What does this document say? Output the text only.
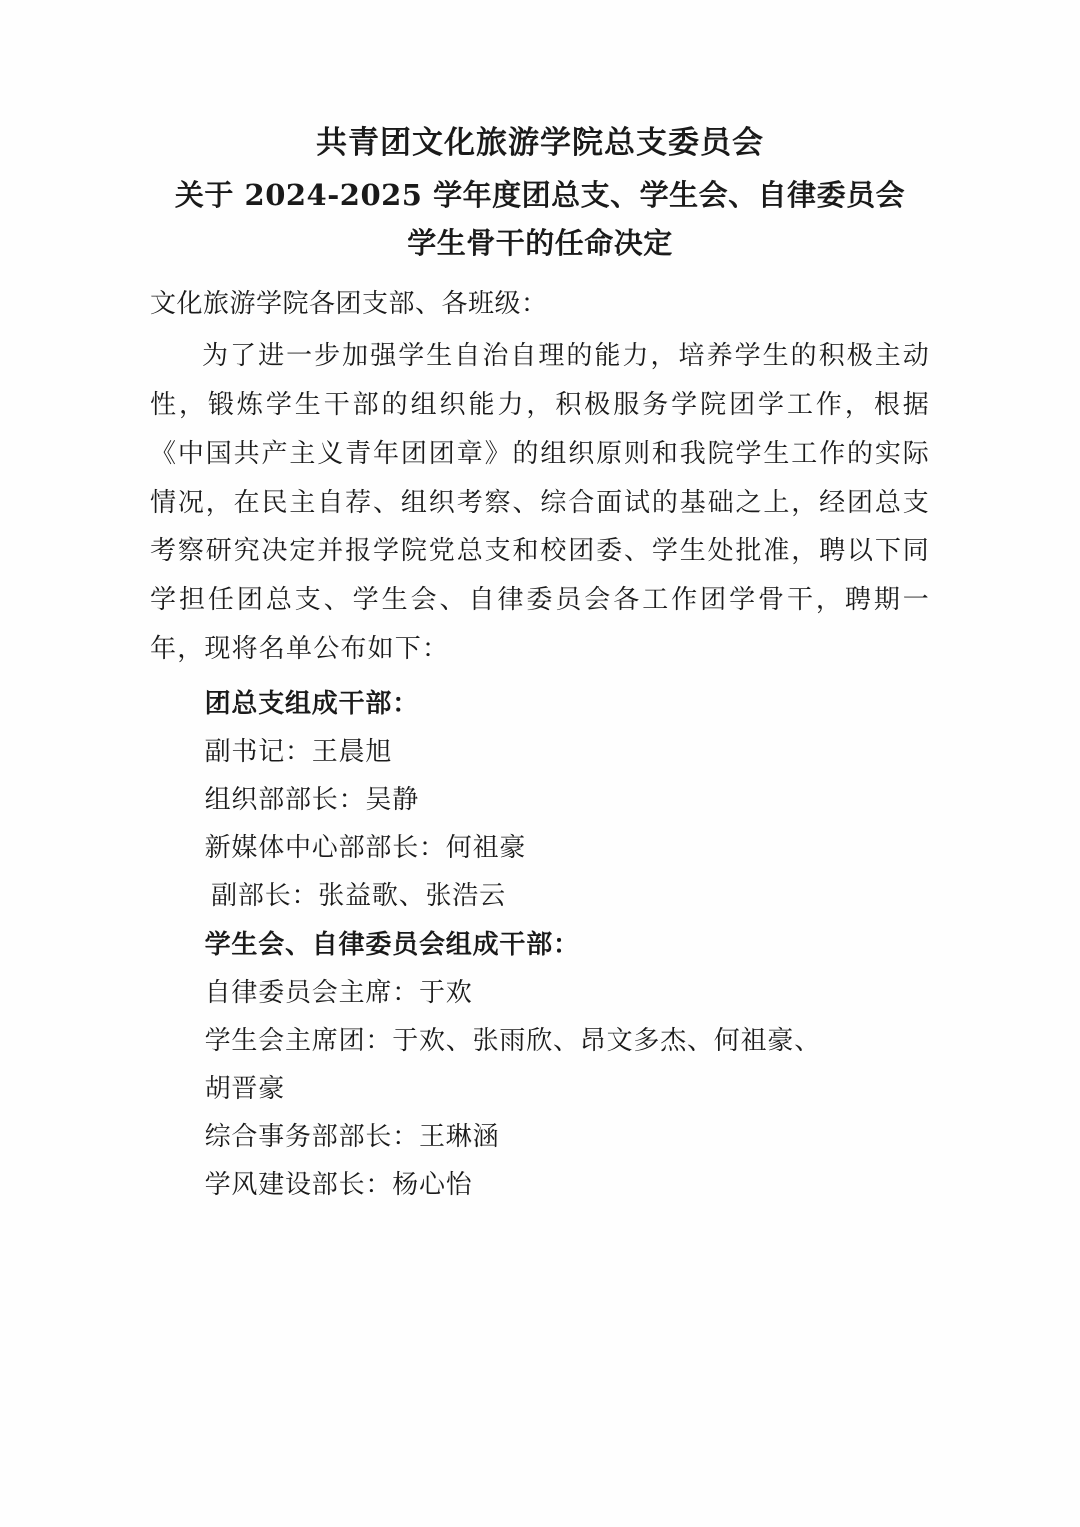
共青团文化旅游学院总支委员会
关于 2024-2025 学年度团总支、学生会、自律委员会
学生骨干的任命决定

文化旅游学院各团支部、各班级：

为了进一步加强学生自治自理的能力，培养学生的积极主动性，锻炼学生干部的组织能力，积极服务学院团学工作，根据《中国共产主义青年团团章》的组织原则和我院学生工作的实际情况，在民主自荐、组织考察、综合面试的基础之上，经团总支考察研究决定并报学院党总支和校团委、学生处批准，聘以下同学担任团总支、学生会、自律委员会各工作团学骨干，聘期一年，现将名单公布如下：

团总支组成干部：

副书记：王晨旭

组织部部长：吴静

新媒体中心部部长：何祖豪

副部长：张益歌、张浩云

学生会、自律委员会组成干部：

自律委员会主席：于欢

学生会主席团：于欢、张雨欣、昂文多杰、何祖豪、

胡晋豪

综合事务部部长：王琳涵

学风建设部长：杨心怡
